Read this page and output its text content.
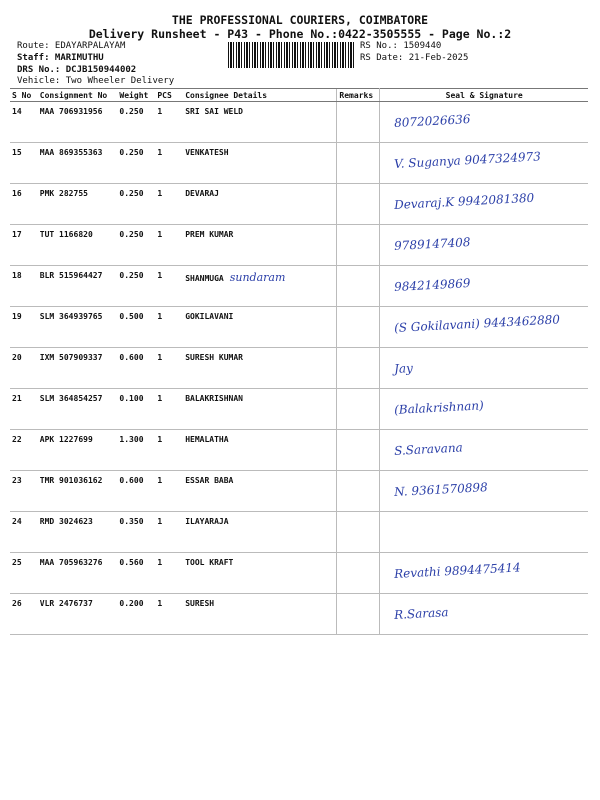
THE PROFESSIONAL COURIERS, COIMBATORE
Delivery Runsheet - P43 - Phone No.:0422-3505555 - Page No.:2
Route: EDAYARPALAYAM
Staff: MARIMUTHU
DRS No.: DCJB150944002
Vehicle: Two Wheeler Delivery
RS No.: 1509440
RS Date: 21-Feb-2025
S No	Consignment No	Weight	PCS	Consignee Details	Remarks	Seal & Signature
14	MAA 706931956	0.250	1	SRI SAI WELD		8072026636

15	MAA 869355363	0.250	1	VENKATESH		V. Suganya 9047324973

16	PMK 282755	0.250	1	DEVARAJ		Devaraj.K 9942081380

17	TUT 1166820	0.250	1	PREM KUMAR		9789147408

18	BLR 515964427	0.250	1	SHANMUGA sundaram		9842149869

19	SLM 364939765	0.500	1	GOKILAVANI		(S Gokilavani) 9443462880

20	IXM 507909337	0.600	1	SURESH KUMAR		Jay

21	SLM 364854257	0.100	1	BALAKRISHNAN		(Balakrishnan)

22	APK 1227699	1.300	1	HEMALATHA		S.Saravana

23	TMR 901036162	0.600	1	ESSAR BABA		N. 9361570898

24	RMD 3024623	0.350	1	ILAYARAJA		

25	MAA 705963276	0.560	1	TOOL KRAFT		Revathi 9894475414

26	VLR 2476737	0.200	1	SURESH		R.Sarasa
